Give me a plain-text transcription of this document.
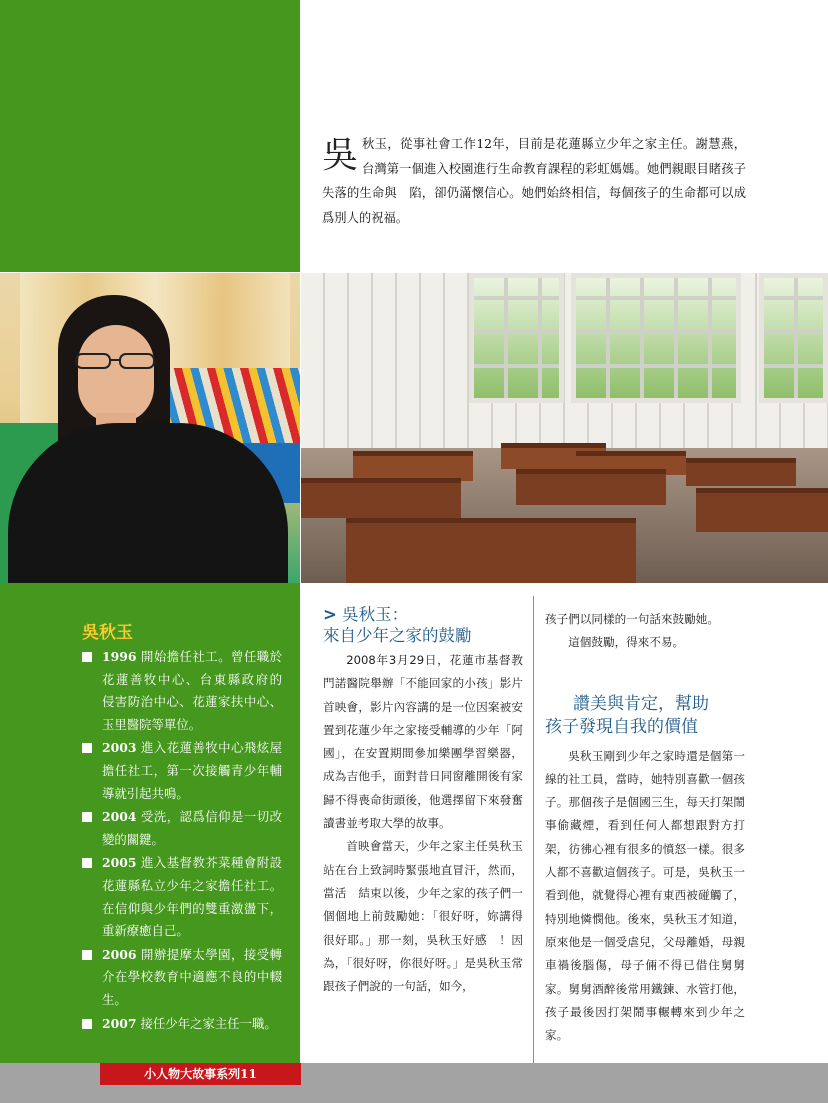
吳秋玉，從事社會工作12年，目前是花蓮縣立少年之家主任。謝慧燕，台灣第一個進入校園進行生命教育課程的彩虹媽媽。她們親眼目睹孩子失落的生命與　陷，卻仍滿懷信心。她們始終相信，每個孩子的生命都可以成爲別人的祝福。
吳秋玉
1996 開始擔任社工。曾任職於花蓮善牧中心、台東縣政府的　侵害防治中心、花蓮家扶中心、玉里醫院等單位。
2003 進入花蓮善牧中心飛炫屋擔任社工，第一次接觸青少年輔導就引起共鳴。
2004 受洗，認爲信仰是一切改變的關鍵。
2005 進入基督教芥菜種會附設花蓮縣私立少年之家擔任社工。在信仰與少年們的雙重激盪下，重新療癒自己。
2006 開辦提摩太學園，接受轉介在學校教育中適應不良的中輟生。
2007 接任少年之家主任一職。
> 吳秋玉：
來自少年之家的鼓勵

2008年3月29日，花蓮市基督教門諾醫院舉辦「不能回家的小孩」影片首映會，影片內容講的是一位因案被安置到花蓮少年之家接受輔導的少年「阿國」，在安置期間參加樂團學習樂器，成為吉他手，面對昔日同窗離開後有家歸不得喪命街頭後，他選擇留下來發奮讀書並考取大學的故事。

首映會當天，少年之家主任吳秋玉站在台上致詞時緊張地直冒汗，然而，當活　結束以後，少年之家的孩子們一個個地上前鼓勵她：「很好呀，妳講得很好耶。」那一刻，吳秋玉好感　！因為，「很好呀，你很好呀。」是吳秋玉常跟孩子們說的一句話，如今，

孩子們以同樣的一句話來鼓勵她。

這個鼓勵，得來不易。

讚美與肯定，幫助
孩子發現自我的價值

吳秋玉剛到少年之家時還是個第一線的社工員，當時，她特別喜歡一個孩子。那個孩子是個國三生，每天打架鬧事偷藏煙，看到任何人都想跟對方打架，彷彿心裡有很多的憤怒一樣。很多人都不喜歡這個孩子。可是，吳秋玉一看到他，就覺得心裡有東西被碰觸了，特別地憐憫他。後來，吳秋玉才知道，原來他是一個受虐兒，父母離婚，母親車禍後腦傷，母子倆不得已借住舅舅家。舅舅酒醉後常用鐵鍊、水管打他，孩子最後因打架鬧事輾轉來到少年之家。

小人物大故事系列11
